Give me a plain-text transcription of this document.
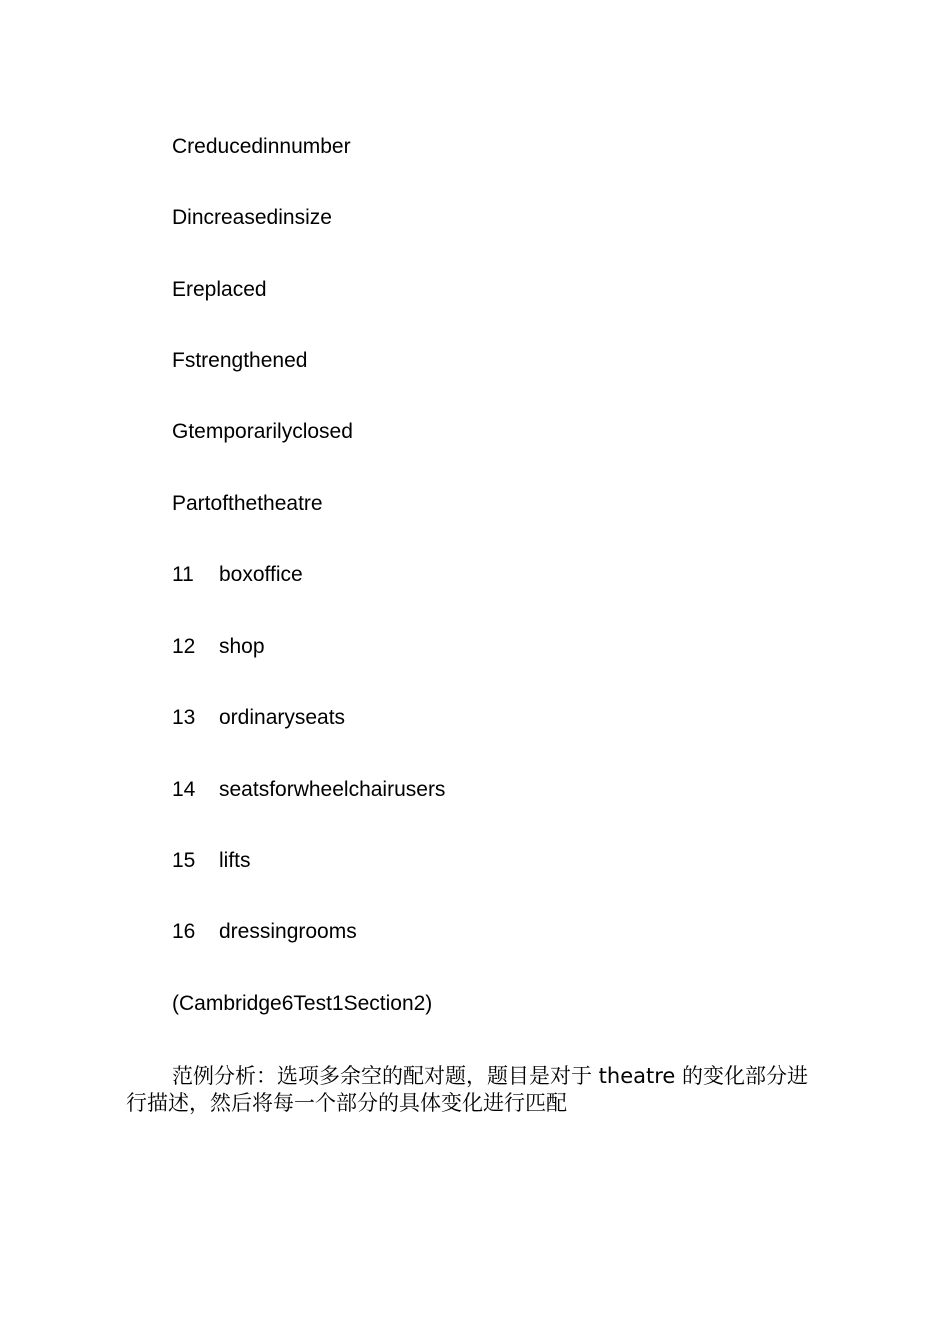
Creducedinnumber
Dincreasedinsize
Ereplaced
Fstrengthened
Gtemporarilyclosed
Partofthetheatre
11 boxoffice
12 shop
13 ordinaryseats
14 seatsforwheelchairusers
15 lifts
16 dressingrooms
(Cambridge6Test1Section2)
范例分析：选项多余空的配对题，题目是对于 theatre 的变化部分进行描述，然后将每一个部分的具体变化进行匹配
